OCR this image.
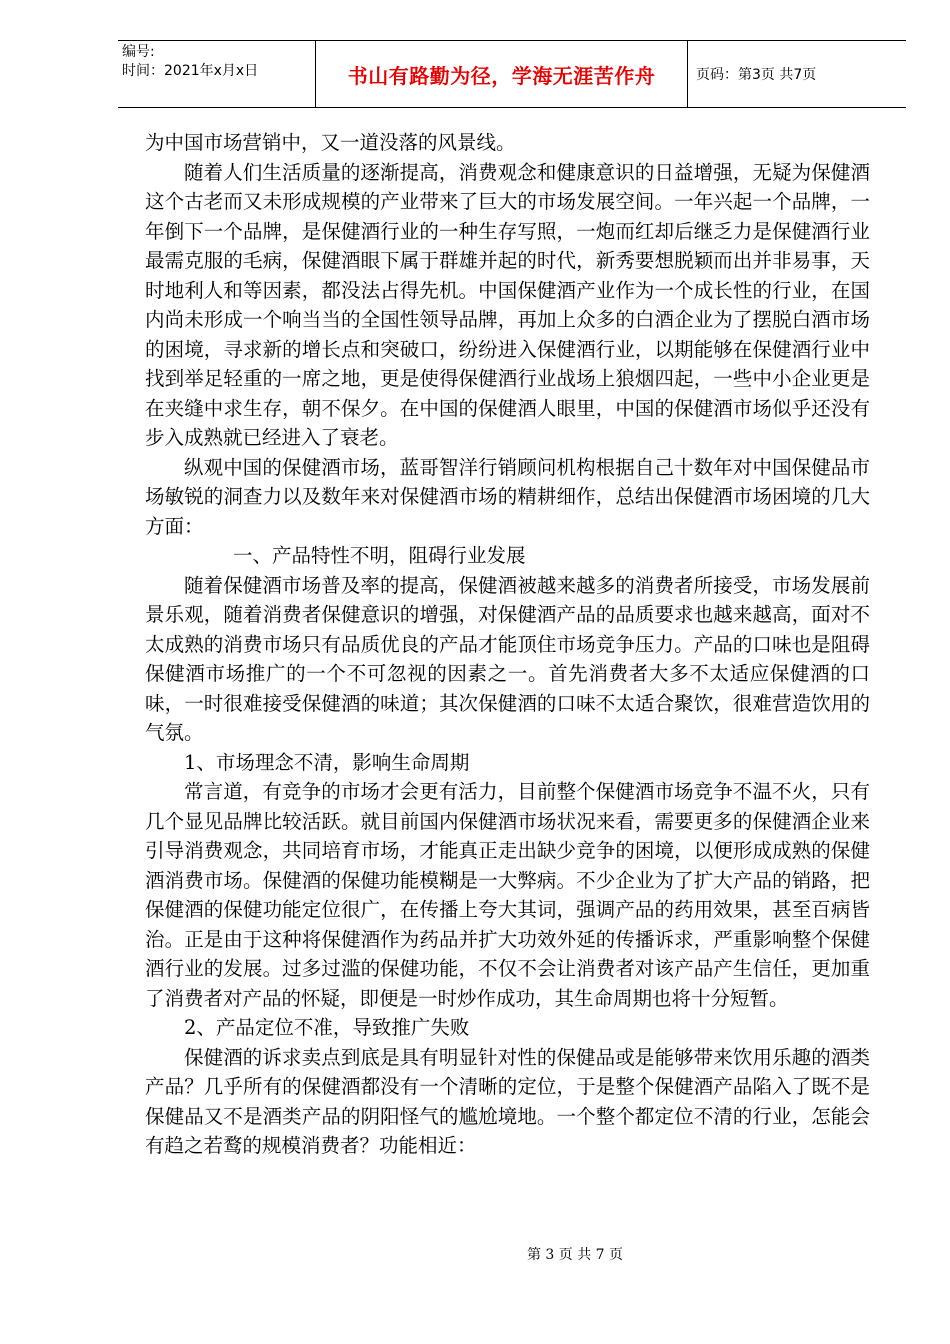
编号:
时间：2021年x月x日	书山有路勤为径，学海无涯苦作舟	页码：第3页 共7页

为中国市场营销中，又一道没落的风景线。

随着人们生活质量的逐渐提高，消费观念和健康意识的日益增强，无疑为保健酒这个古老而又未形成规模的产业带来了巨大的市场发展空间。一年兴起一个品牌，一年倒下一个品牌，是保健酒行业的一种生存写照，一炮而红却后继乏力是保健酒行业最需克服的毛病，保健酒眼下属于群雄并起的时代，新秀要想脱颖而出并非易事，天时地利人和等因素，都没法占得先机。中国保健酒产业作为一个成长性的行业，在国内尚未形成一个响当当的全国性领导品牌，再加上众多的白酒企业为了摆脱白酒市场的困境，寻求新的增长点和突破口，纷纷进入保健酒行业，以期能够在保健酒行业中找到举足轻重的一席之地，更是使得保健酒行业战场上狼烟四起，一些中小企业更是在夹缝中求生存，朝不保夕。在中国的保健酒人眼里，中国的保健酒市场似乎还没有步入成熟就已经进入了衰老。

纵观中国的保健酒市场，蓝哥智洋行销顾问机构根据自己十数年对中国保健品市场敏锐的洞查力以及数年来对保健酒市场的精耕细作，总结出保健酒市场困境的几大方面：

一、产品特性不明，阻碍行业发展

随着保健酒市场普及率的提高，保健酒被越来越多的消费者所接受，市场发展前景乐观，随着消费者保健意识的增强，对保健酒产品的品质要求也越来越高，面对不太成熟的消费市场只有品质优良的产品才能顶住市场竞争压力。产品的口味也是阻碍保健酒市场推广的一个不可忽视的因素之一。首先消费者大多不太适应保健酒的口味，一时很难接受保健酒的味道；其次保健酒的口味不太适合聚饮，很难营造饮用的气氛。

1、市场理念不清，影响生命周期

常言道，有竞争的市场才会更有活力，目前整个保健酒市场竞争不温不火，只有几个显见品牌比较活跃。就目前国内保健酒市场状况来看，需要更多的保健酒企业来引导消费观念，共同培育市场，才能真正走出缺少竞争的困境，以便形成成熟的保健酒消费市场。保健酒的保健功能模糊是一大弊病。不少企业为了扩大产品的销路，把保健酒的保健功能定位很广，在传播上夸大其词，强调产品的药用效果，甚至百病皆治。正是由于这种将保健酒作为药品并扩大功效外延的传播诉求，严重影响整个保健酒行业的发展。过多过滥的保健功能，不仅不会让消费者对该产品产生信任，更加重了消费者对产品的怀疑，即便是一时炒作成功，其生命周期也将十分短暂。

2、产品定位不准，导致推广失败

保健酒的诉求卖点到底是具有明显针对性的保健品或是能够带来饮用乐趣的酒类产品？几乎所有的保健酒都没有一个清晰的定位，于是整个保健酒产品陷入了既不是保健品又不是酒类产品的阴阳怪气的尴尬境地。一个整个都定位不清的行业，怎能会有趋之若鹜的规模消费者？功能相近：

第 3 页 共 7 页
